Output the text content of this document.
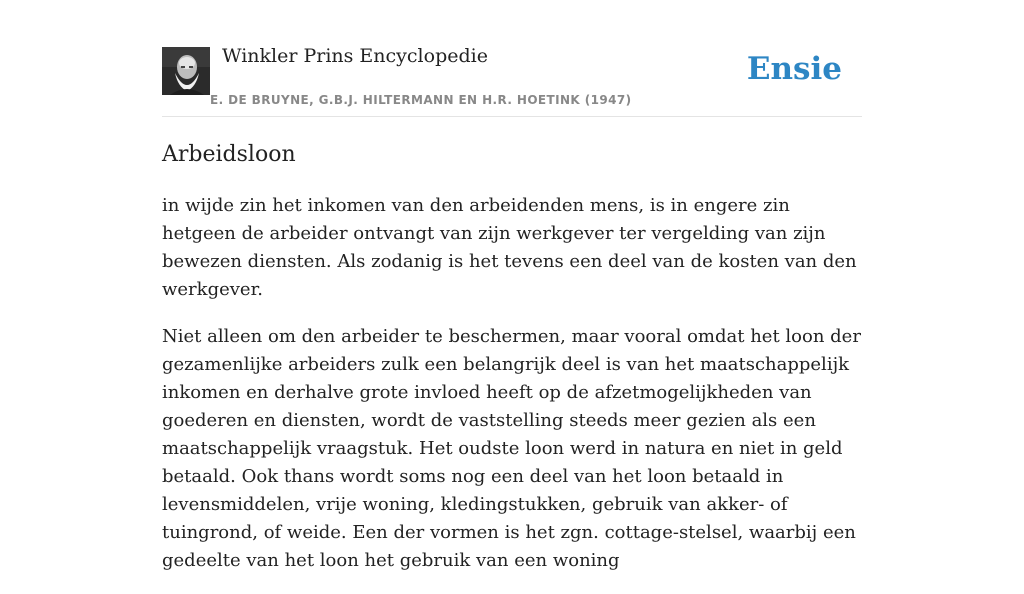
Winkler Prins Encyclopedie
E. DE BRUYNE, G.B.J. HILTERMANN EN H.R. HOETINK (1947)
Ensie
Arbeidsloon

in wijde zin het inkomen van den arbeidenden mens, is in engere zin hetgeen de arbeider ontvangt van zijn werkgever ter vergelding van zijn bewezen diensten. Als zodanig is het tevens een deel van de kosten van den werkgever.

Niet alleen om den arbeider te beschermen, maar vooral omdat het loon der gezamenlijke arbeiders zulk een belangrijk deel is van het maatschappelijk inkomen en derhalve grote invloed heeft op de afzetmogelijkheden van goederen en diensten, wordt de vaststelling steeds meer gezien als een maatschappelijk vraagstuk. Het oudste loon werd in natura en niet in geld betaald. Ook thans wordt soms nog een deel van het loon betaald in levensmiddelen, vrije woning, kledingstukken, gebruik van akker- of tuingrond, of weide. Een der vormen is het zgn. cottage-stelsel, waarbij een gedeelte van het loon het gebruik van een woning
